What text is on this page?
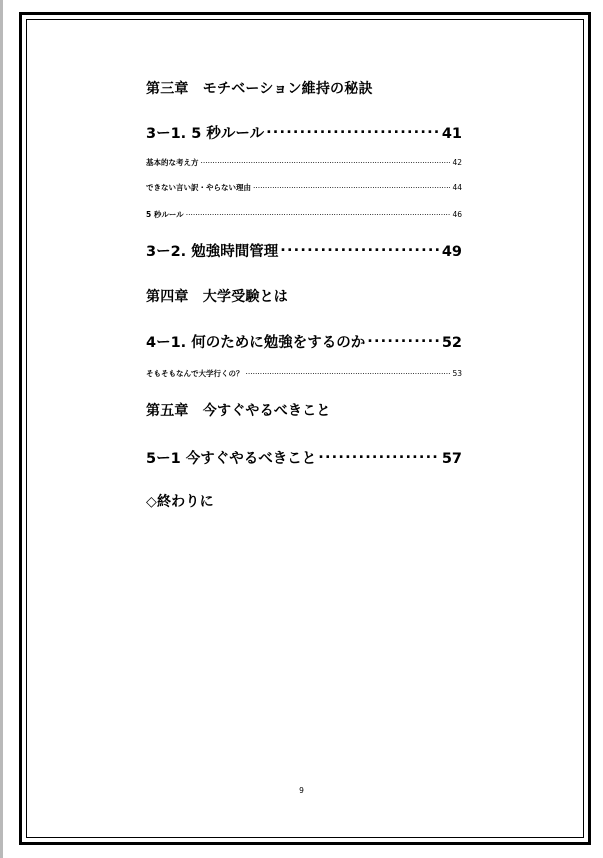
第三章　モチベーション維持の秘訣
3ー1. 5 秒ルール .....	41
基本的な考え方 .....	42
できない言い訳・やらない理由 .....	44
5 秒ルール .....	46
3ー2. 勉強時間管理 .....	49
第四章　大学受験とは
4ー1. 何のために勉強をするのか .....	52
そもそもなんで大学行くの？ .....	53
第五章　今すぐやるべきこと
5ー1 今すぐやるべきこと .....	57
◇終わりに
9
